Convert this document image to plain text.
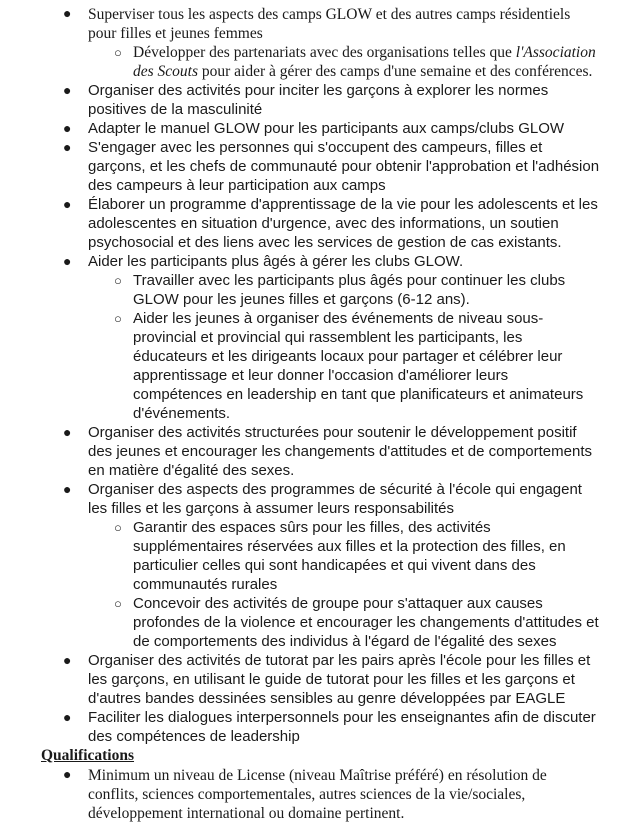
● Superviser tous les aspects des camps GLOW et des autres camps résidentiels pour filles et jeunes femmes
○ Développer des partenariats avec des organisations telles que l'Association des Scouts pour aider à gérer des camps d'une semaine et des conférences.
● Organiser des activités pour inciter les garçons à explorer les normes positives de la masculinité
● Adapter le manuel GLOW pour les participants aux camps/clubs GLOW
● S'engager avec les personnes qui s'occupent des campeurs, filles et garçons, et les chefs de communauté pour obtenir l'approbation et l'adhésion des campeurs à leur participation aux camps
● Élaborer un programme d'apprentissage de la vie pour les adolescents et les adolescentes en situation d'urgence, avec des informations, un soutien psychosocial et des liens avec les services de gestion de cas existants.
● Aider les participants plus âgés à gérer les clubs GLOW.
○ Travailler avec les participants plus âgés pour continuer les clubs GLOW pour les jeunes filles et garçons (6-12 ans).
○ Aider les jeunes à organiser des événements de niveau sous-provincial et provincial qui rassemblent les participants, les éducateurs et les dirigeants locaux pour partager et célébrer leur apprentissage et leur donner l'occasion d'améliorer leurs compétences en leadership en tant que planificateurs et animateurs d'événements.
● Organiser des activités structurées pour soutenir le développement positif des jeunes et encourager les changements d'attitudes et de comportements en matière d'égalité des sexes.
● Organiser des aspects des programmes de sécurité à l'école qui engagent les filles et les garçons à assumer leurs responsabilités
○ Garantir des espaces sûrs pour les filles, des activités supplémentaires réservées aux filles et la protection des filles, en particulier celles qui sont handicapées et qui vivent dans des communautés rurales
○ Concevoir des activités de groupe pour s'attaquer aux causes profondes de la violence et encourager les changements d'attitudes et de comportements des individus à l'égard de l'égalité des sexes
● Organiser des activités de tutorat par les pairs après l'école pour les filles et les garçons, en utilisant le guide de tutorat pour les filles et les garçons et d'autres bandes dessinées sensibles au genre développées par EAGLE
● Faciliter les dialogues interpersonnels pour les enseignantes afin de discuter des compétences de leadership
Qualifications
● Minimum un niveau de License (niveau Maîtrise préféré) en résolution de conflits, sciences comportementales, autres sciences de la vie/sociales, développement international ou domaine pertinent.
